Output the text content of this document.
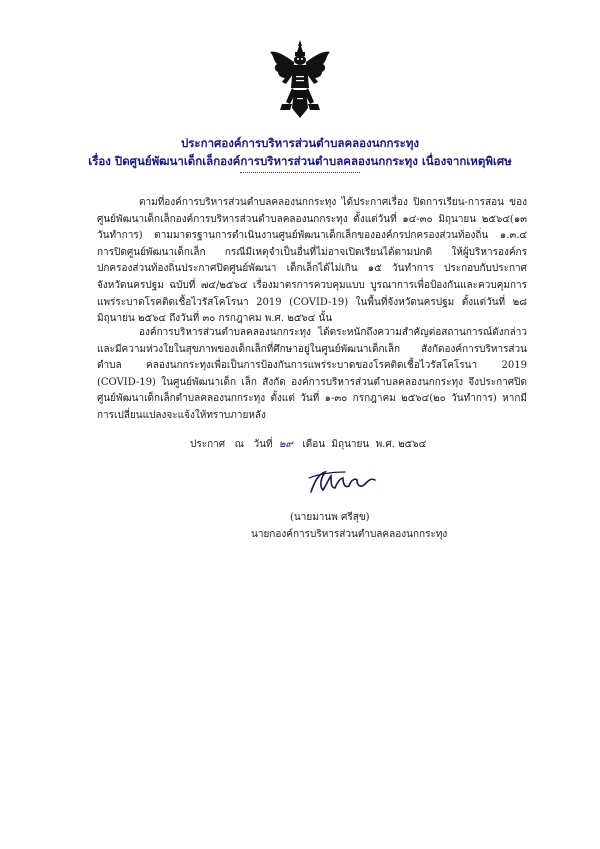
ประกาศองค์การบริหารส่วนตำบลคลองนกกระทุง
เรื่อง ปิดศูนย์พัฒนาเด็กเล็กองค์การบริหารส่วนตำบลคลองนกกระทุง เนื่องจากเหตุพิเศษ
ตามที่องค์การบริหารส่วนตำบลคลองนกกระทุง ได้ประกาศเรื่อง ปิดการเรียน-การสอน ของศูนย์พัฒนาเด็กเล็กองค์การบริหารส่วนตำบลคลองนกกระทุง ตั้งแต่วันที่ ๑๔-๓๐ มิถุนายน ๒๕๖๔(๑๓ วันทำการ) ตามมาตรฐานการดำเนินงานศูนย์พัฒนาเด็กเล็กขององค์กรปกครองส่วนท้องถิ่น ๑.๓.๔ การปิดศูนย์พัฒนาเด็กเล็ก กรณีมีเหตุจำเป็นอื่นที่ไม่อาจเปิดเรียนได้ตามปกติ ให้ผู้บริหารองค์กรปกครองส่วนท้องถิ่นประกาศปิดศูนย์พัฒนา เด็กเล็กได้ไม่เกิน ๑๕ วันทำการ ประกอบกับประกาศจังหวัดนครปฐม ฉบับที่ ๗๔/๒๕๖๔ เรื่องมาตรการควบคุมแบบ บูรณาการเพื่อป้องกันและควบคุมการแพร่ระบาดโรคติดเชื้อไวรัสโคโรนา 2019 (COVID-19) ในพื้นที่จังหวัดนครปฐม ตั้งแต่วันที่ ๒๘ มิถุนายน ๒๕๖๔ ถึงวันที่ ๓๐ กรกฎาคม พ.ศ. ๒๕๖๔ นั้น
องค์การบริหารส่วนตำบลคลองนกกระทุง ได้ตระหนักถึงความสำคัญต่อสถานการณ์ดังกล่าว และมีความห่วงใยในสุขภาพของเด็กเล็กที่ศึกษาอยู่ในศูนย์พัฒนาเด็กเล็ก สังกัดองค์การบริหารส่วนตำบล คลองนกกระทุงเพื่อเป็นการป้องกันการแพร่ระบาดของโรคติดเชื้อไวรัสโคโรนา 2019 (COVID-19) ในศูนย์พัฒนาเด็ก เล็ก สังกัด องค์การบริหารส่วนตำบลคลองนกกระทุง จึงประกาศปิดศูนย์พัฒนาเด็กเล็กตำบลคลองนกกระทุง ตั้งแต่ วันที่ ๑-๓๐ กรกฎาคม ๒๕๖๔(๒๐ วันทำการ) หากมีการเปลี่ยนแปลงจะแจ้งให้ทราบภายหลัง
ประกาศ   ณ   วันที่ ๒๙ เดือน  มิถุนายน  พ.ศ. ๒๕๖๔
(นายมานพ ศรีสุข)
นายกองค์การบริหารส่วนตำบลคลองนกกระทุง
